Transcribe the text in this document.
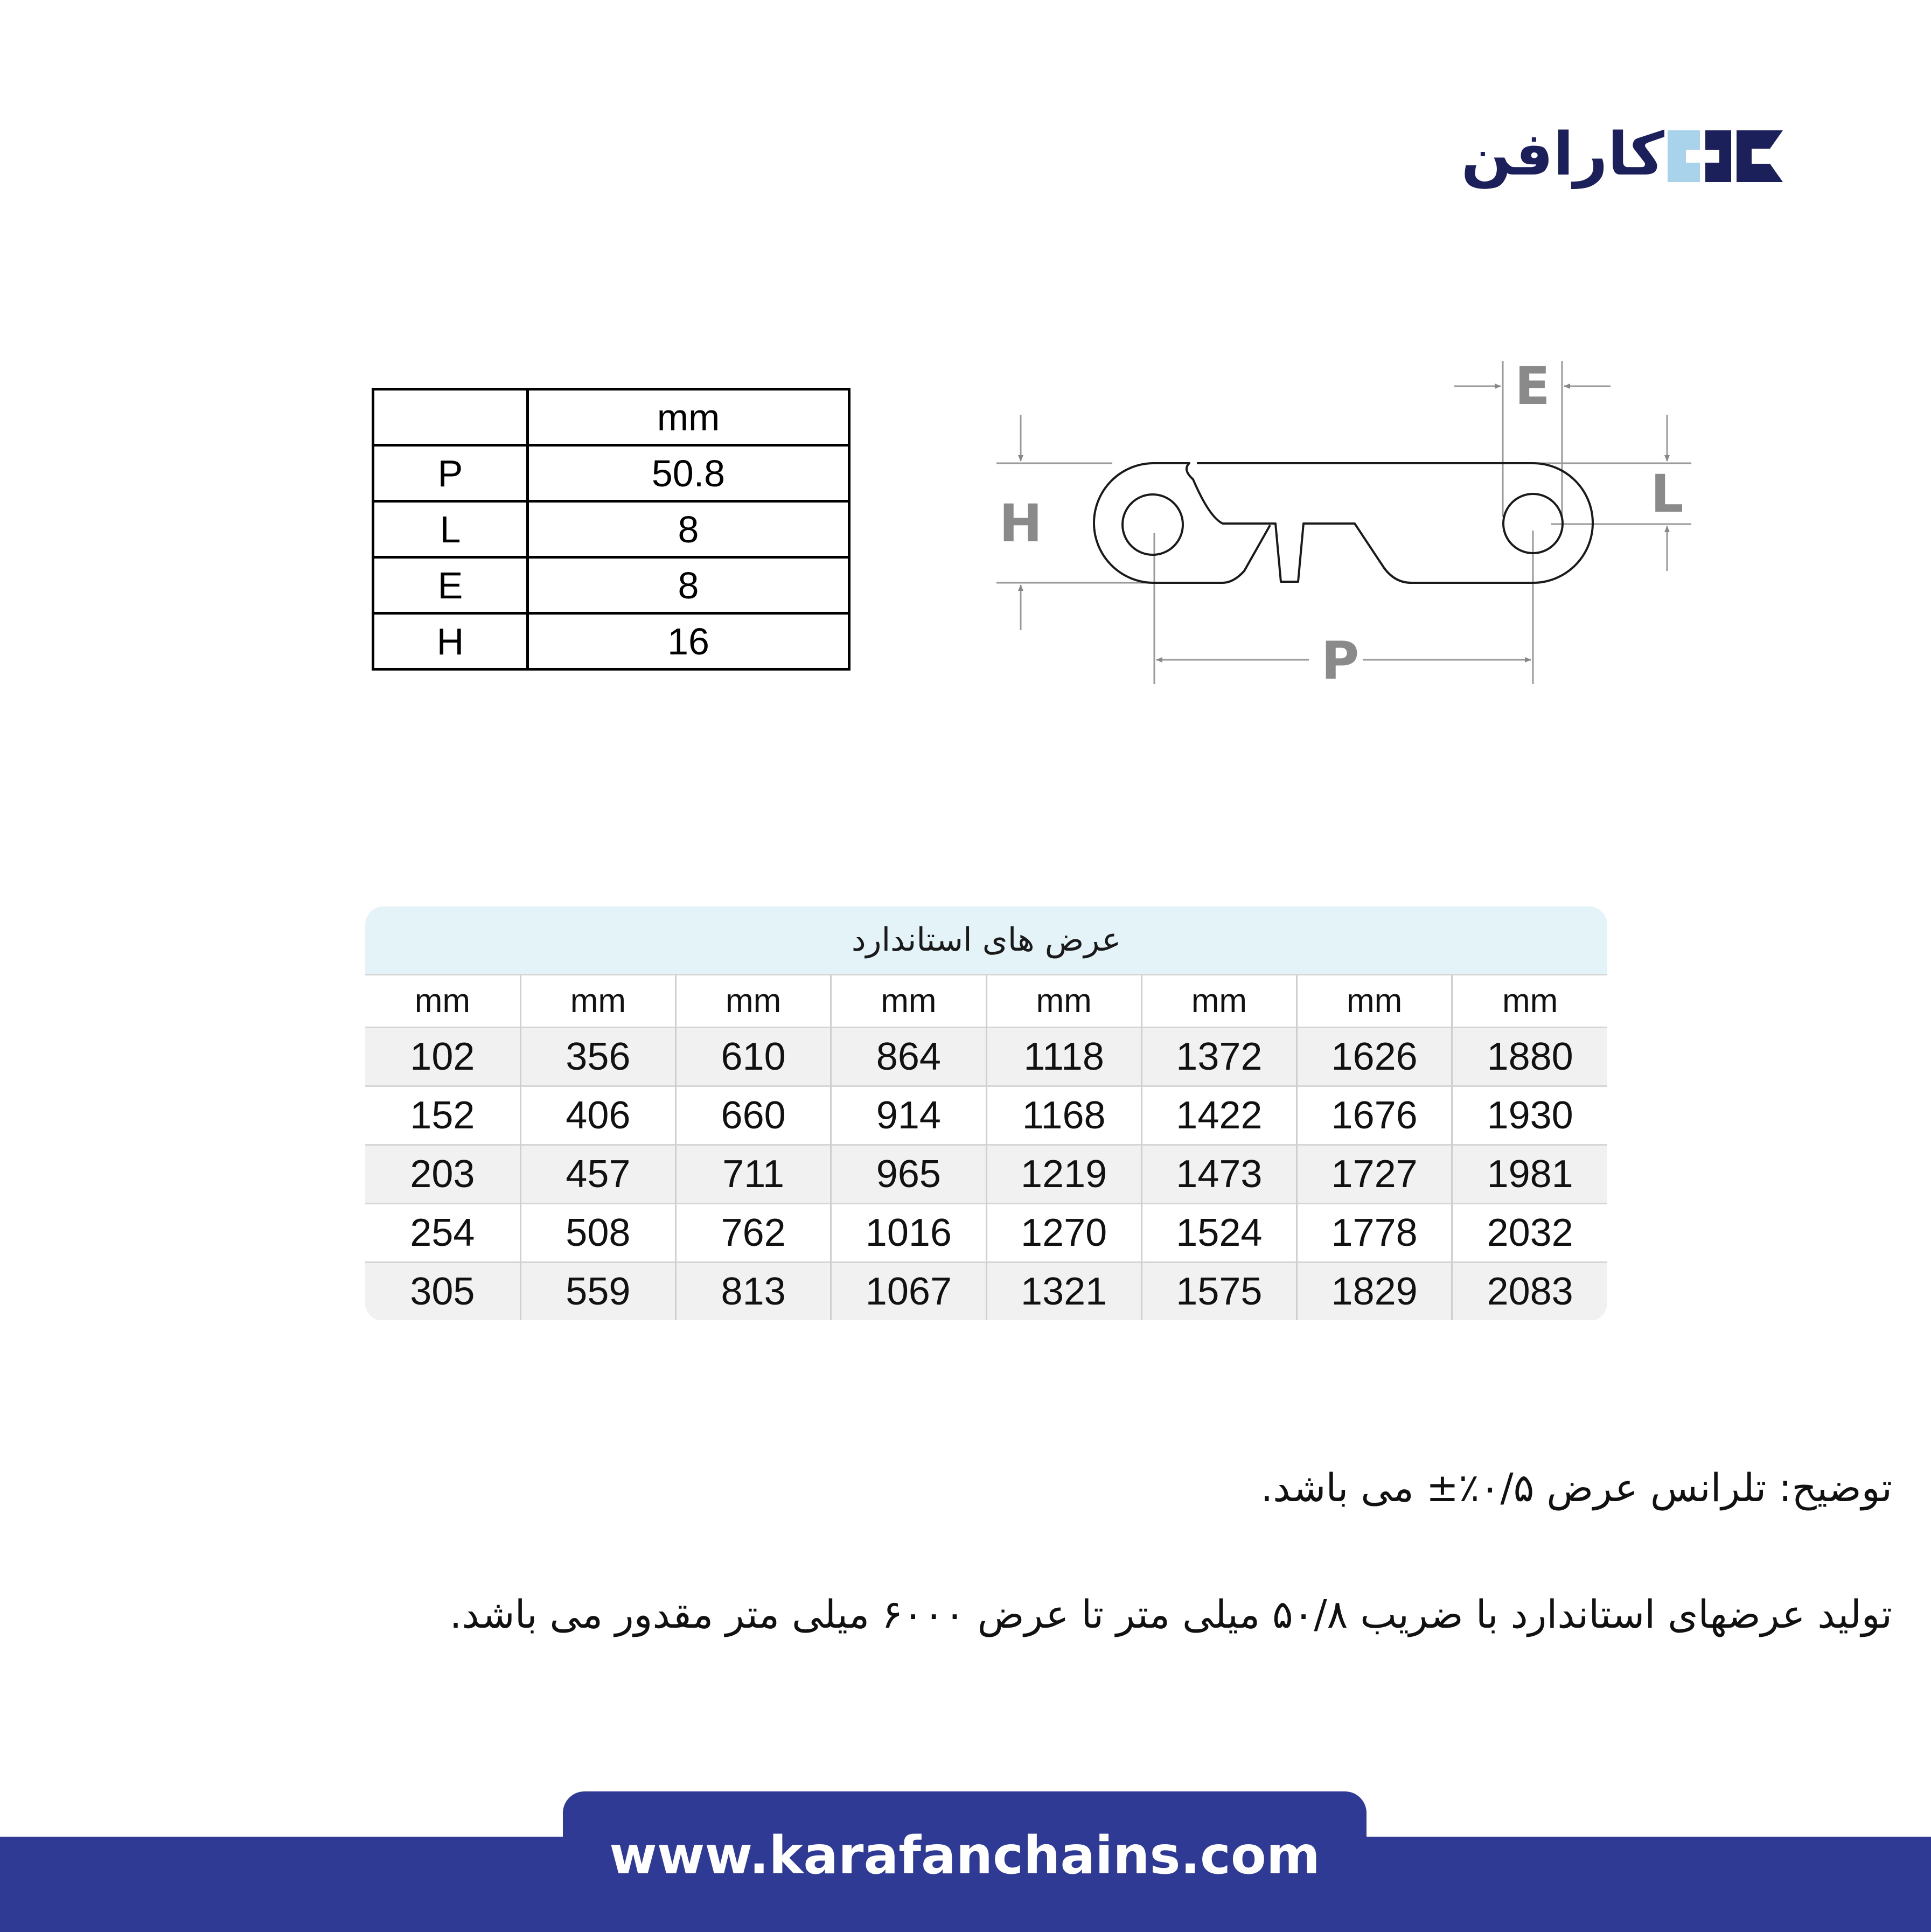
کارافن
	mm
P	50.8
L	8
E	8
H	16
H
E
L
P
عرض های استاندارد
mm	mm	mm	mm	mm	mm	mm	mm
102	356	610	864	1118	1372	1626	1880
152	406	660	914	1168	1422	1676	1930
203	457	711	965	1219	1473	1727	1981
254	508	762	1016	1270	1524	1778	2032
305	559	813	1067	1321	1575	1829	2083
توضیح: تلرانس عرض ۰/۵٪± می باشد.
تولید عرضهای استاندارد با ضریب ۵۰/۸ میلی متر تا عرض ۶۰۰۰ میلی متر مقدور می باشد.
www.karafanchains.com
